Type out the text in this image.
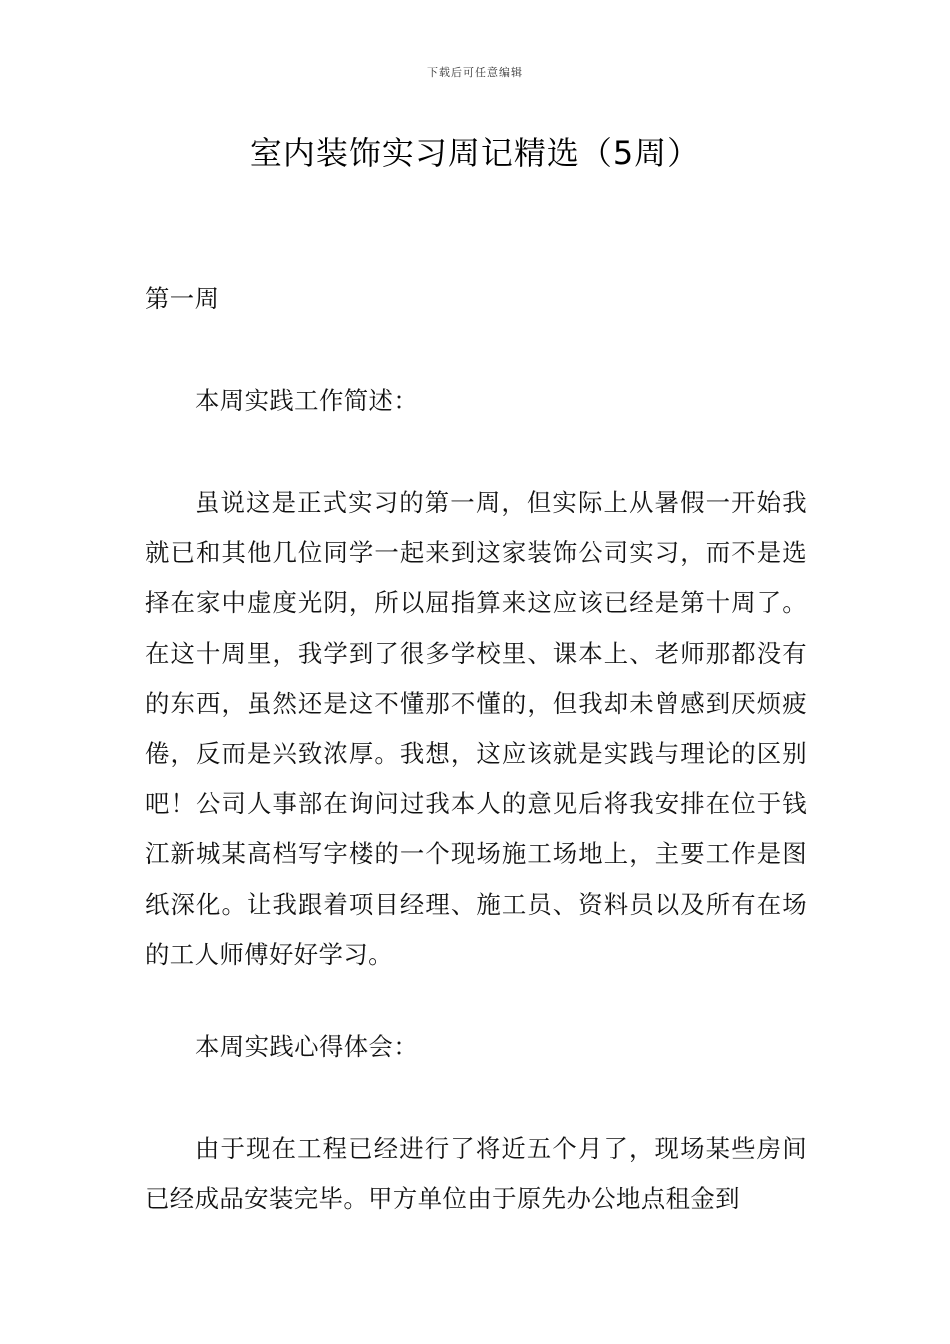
下载后可任意编辑
室内装饰实习周记精选（5周）

第一周

本周实践工作简述：

虽说这是正式实习的第一周，但实际上从暑假一开始我就已和其他几位同学一起来到这家装饰公司实习，而不是选择在家中虚度光阴，所以屈指算来这应该已经是第十周了。在这十周里，我学到了很多学校里、课本上、老师那都没有的东西，虽然还是这不懂那不懂的，但我却未曾感到厌烦疲倦，反而是兴致浓厚。我想，这应该就是实践与理论的区别吧！公司人事部在询问过我本人的意见后将我安排在位于钱江新城某高档写字楼的一个现场施工场地上，主要工作是图纸深化。让我跟着项目经理、施工员、资料员以及所有在场的工人师傅好好学习。

本周实践心得体会：

由于现在工程已经进行了将近五个月了，现场某些房间已经成品安装完毕。甲方单位由于原先办公地点租金到
